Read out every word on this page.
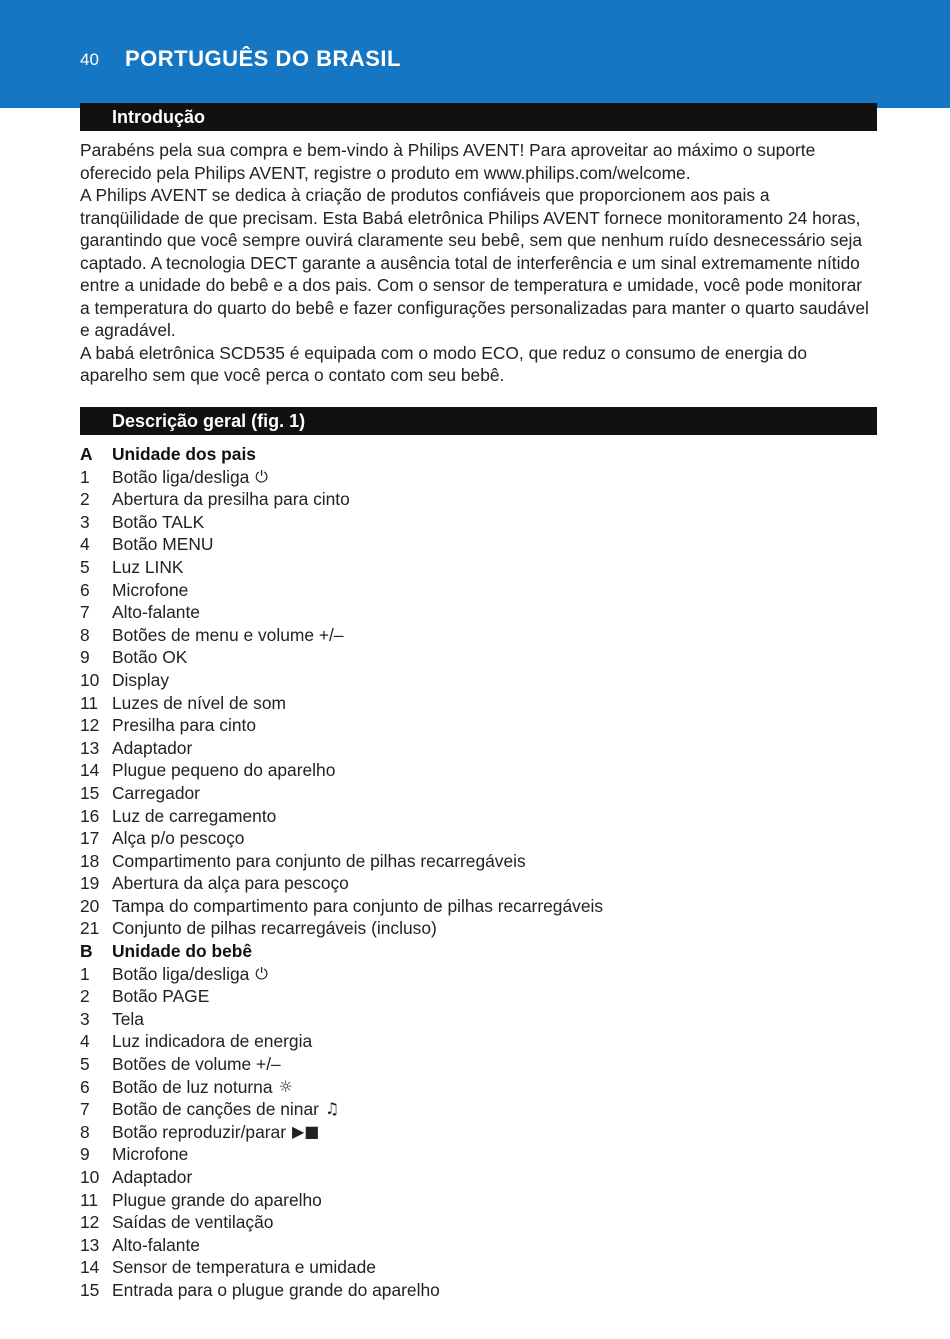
40 PORTUGUÊS DO BRASIL
Introdução

Parabéns pela sua compra e bem-vindo à Philips AVENT! Para aproveitar ao máximo o suporte oferecido pela Philips AVENT, registre o produto em www.philips.com/welcome.

A Philips AVENT se dedica à criação de produtos confiáveis que proporcionem aos pais a tranqüilidade de que precisam. Esta Babá eletrônica Philips AVENT fornece monitoramento 24 horas, garantindo que você sempre ouvirá claramente seu bebê, sem que nenhum ruído desnecessário seja captado. A tecnologia DECT garante a ausência total de interferência e um sinal extremamente nítido entre a unidade do bebê e a dos pais. Com o sensor de temperatura e umidade, você pode monitorar a temperatura do quarto do bebê e fazer configurações personalizadas para manter o quarto saudável e agradável.

A babá eletrônica SCD535 é equipada com o modo ECO, que reduz o consumo de energia do aparelho sem que você perca o contato com seu bebê.

Descrição geral (fig. 1)
A	Unidade dos pais
1	Botão liga/desliga ⏻
2	Abertura da presilha para cinto
3	Botão TALK
4	Botão MENU
5	Luz LINK
6	Microfone
7	Alto-falante
8	Botões de menu e volume +/–
9	Botão OK
10 Display
11 Luzes de nível de som
12 Presilha para cinto
13 Adaptador
14 Plugue pequeno do aparelho
15 Carregador
16 Luz de carregamento
17 Alça p/o pescoço
18 Compartimento para conjunto de pilhas recarregáveis
19 Abertura da alça para pescoço
20 Tampa do compartimento para conjunto de pilhas recarregáveis
21 Conjunto de pilhas recarregáveis (incluso)
B	Unidade do bebê
1	Botão liga/desliga ⏻
2	Botão PAGE
3	Tela
4	Luz indicadora de energia
5	Botões de volume +/–
6	Botão de luz noturna ☼
7	Botão de canções de ninar ♫
8	Botão reproduzir/parar ▶■
9	Microfone
10 Adaptador
11 Plugue grande do aparelho
12 Saídas de ventilação
13 Alto-falante
14 Sensor de temperatura e umidade
15 Entrada para o plugue grande do aparelho
